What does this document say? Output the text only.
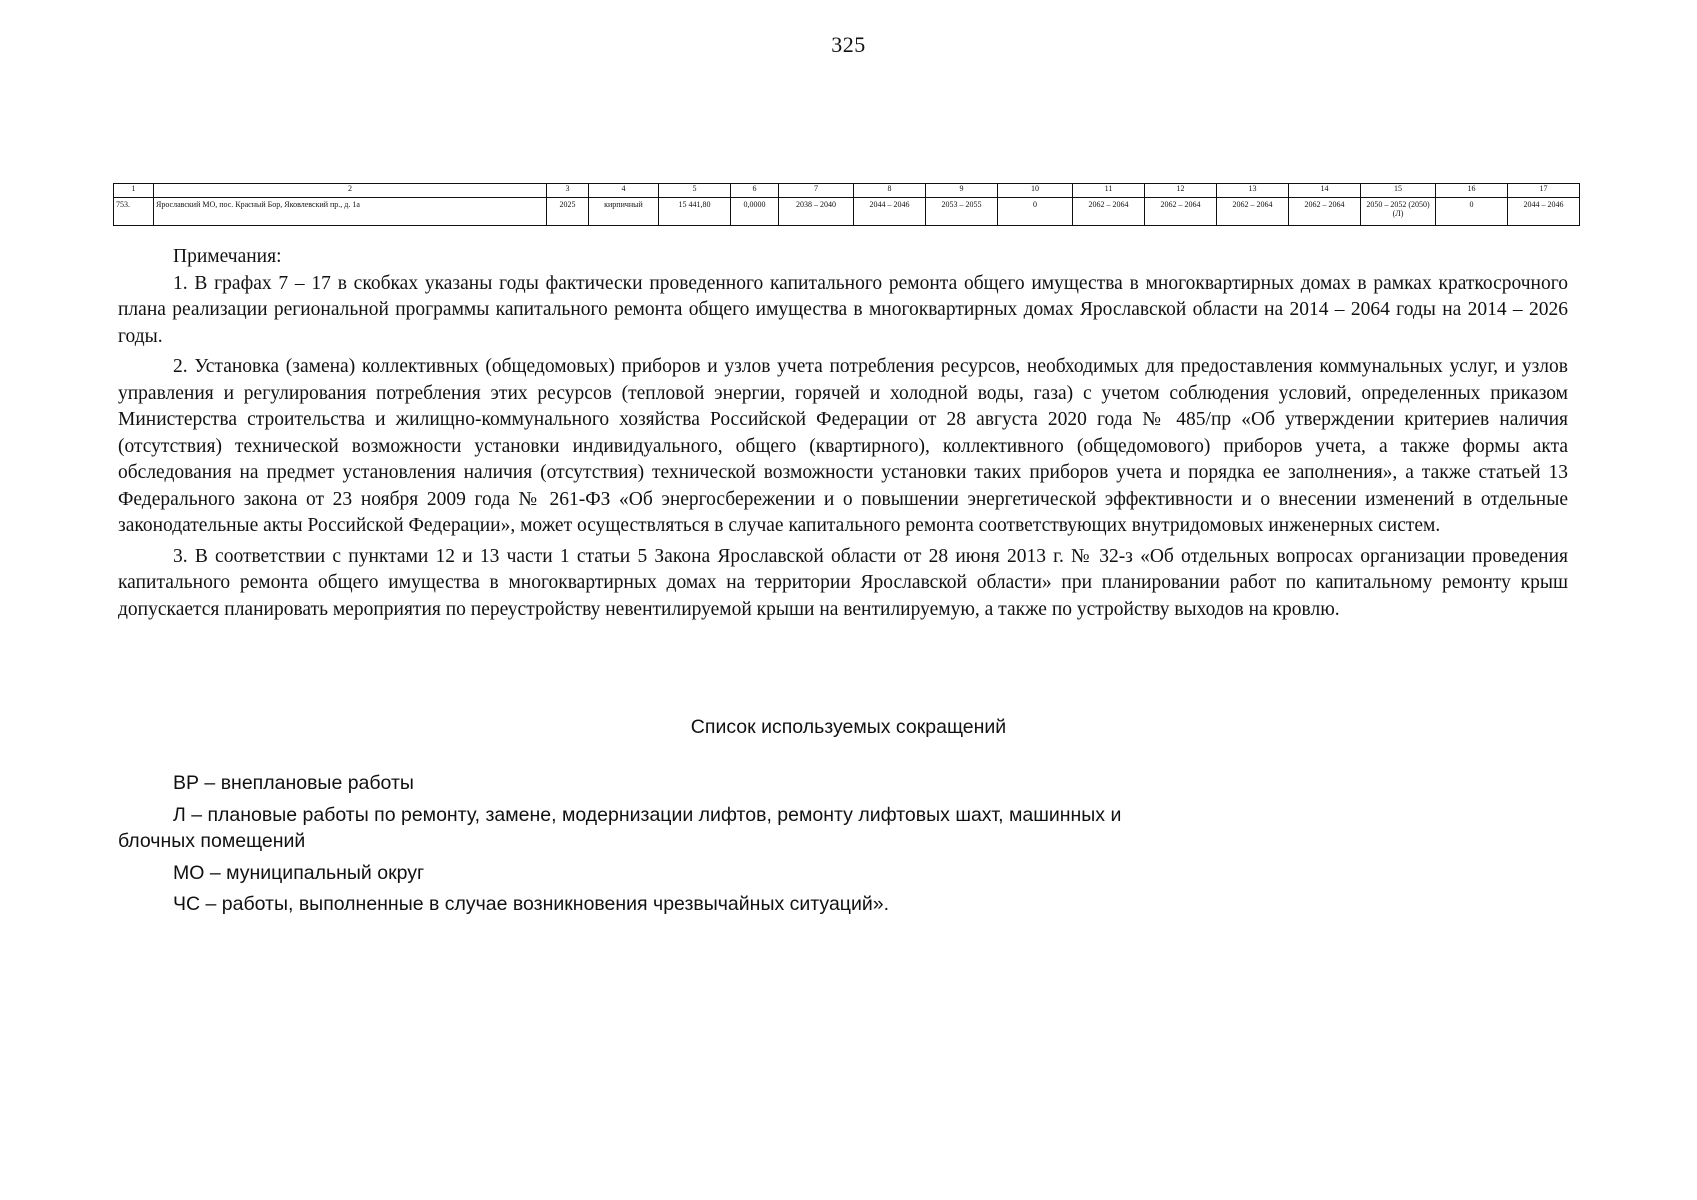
325
1	2	3	4	5	6	7	8	9	10	11	12	13	14	15	16	17
753.	Ярославский МО, пос. Красный Бор, Яковлевский пр., д. 1а	2025	кирпичный	15 441,80	0,0000	2038 – 2040	2044 – 2046	2053 – 2055	0	2062 – 2064	2062 – 2064	2062 – 2064	2062 – 2064	2050 – 2052 (2050) (Л)	0	2044 – 2046

Примечания:

1. В графах 7 – 17 в скобках указаны годы фактически проведенного капитального ремонта общего имущества в многоквартирных домах в рамках краткосрочного плана реализации региональной программы капитального ремонта общего имущества в многоквартирных домах Ярославской области на 2014 – 2064 годы на 2014 – 2026 годы.

2. Установка (замена) коллективных (общедомовых) приборов и узлов учета потребления ресурсов, необходимых для предоставления коммунальных услуг, и узлов управления и регулирования потребления этих ресурсов (тепловой энергии, горячей и холодной воды, газа) с учетом соблюдения условий, определенных приказом Министерства строительства и жилищно-коммунального хозяйства Российской Федерации от 28 августа 2020 года № 485/пр «Об утверждении критериев наличия (отсутствия) технической возможности установки индивидуального, общего (квартирного), коллективного (общедомового) приборов учета, а также формы акта обследования на предмет установления наличия (отсутствия) технической возможности установки таких приборов учета и порядка ее заполнения», а также статьей 13 Федерального закона от 23 ноября 2009 года № 261-ФЗ «Об энергосбережении и о повышении энергетической эффективности и о внесении изменений в отдельные законодательные акты Российской Федерации», может осуществляться в случае капитального ремонта соответствующих внутридомовых инженерных систем.

3. В соответствии с пунктами 12 и 13 части 1 статьи 5 Закона Ярославской области от 28 июня 2013 г. № 32-з «Об отдельных вопросах организации проведения капитального ремонта общего имущества в многоквартирных домах на территории Ярославской области» при планировании работ по капитальному ремонту крыш допускается планировать мероприятия по переустройству невентилируемой крыши на вентилируемую, а также по устройству выходов на кровлю.

Список используемых сокращений

ВР – внеплановые работы

Л – плановые работы по ремонту, замене, модернизации лифтов, ремонту лифтовых шахт, машинных и блочных помещений

МО – муниципальный округ

ЧС – работы, выполненные в случае возникновения чрезвычайных ситуаций».
